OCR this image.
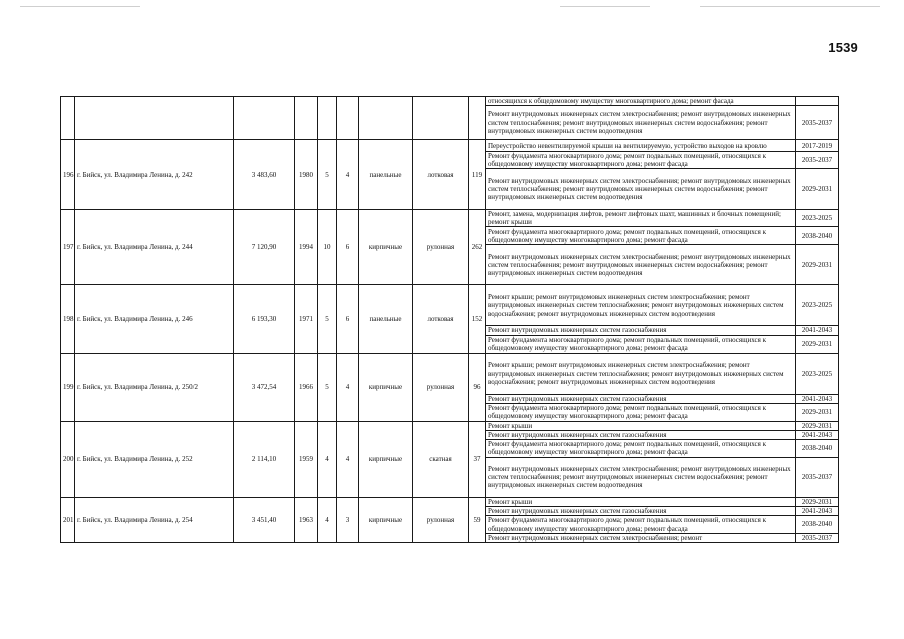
1539
									относящихся к общедомовому имуществу многоквартирного дома; ремонт фасада	
									Ремонт внутридомовых инженерных систем электроснабжения; ремонт внутридомовых инженерных систем теплоснабжения; ремонт внутридомовых инженерных систем водоснабжения; ремонт внутридомовых инженерных систем водоотведения	2035-2037
196	г. Бийск, ул. Владимира Ленина, д. 242	3 483,60	1980	5	4	панельные	лотковая	119	Переустройство невентилируемой крыши на вентилируемую, устройство выходов на кровлю	2017-2019
									Ремонт фундамента многоквартирного дома; ремонт подвальных помещений, относящихся к общедомовому имуществу многоквартирного дома; ремонт фасада	2035-2037
									Ремонт внутридомовых инженерных систем электроснабжения; ремонт внутридомовых инженерных систем теплоснабжения; ремонт внутридомовых инженерных систем водоснабжения; ремонт внутридомовых инженерных систем водоотведения	2029-2031
197	г. Бийск, ул. Владимира Ленина, д. 244	7 120,90	1994	10	6	кирпичные	рулонная	262	Ремонт, замена, модернизация лифтов, ремонт лифтовых шахт, машинных и блочных помещений; ремонт крыши	2023-2025
									Ремонт фундамента многоквартирного дома; ремонт подвальных помещений, относящихся к общедомовому имуществу многоквартирного дома; ремонт фасада	2038-2040
									Ремонт внутридомовых инженерных систем электроснабжения; ремонт внутридомовых инженерных систем теплоснабжения; ремонт внутридомовых инженерных систем водоснабжения; ремонт внутридомовых инженерных систем водоотведения	2029-2031
198	г. Бийск, ул. Владимира Ленина, д. 246	6 193,30	1971	5	6	панельные	лотковая	152	Ремонт крыши; ремонт внутридомовых инженерных систем электроснабжения; ремонт внутридомовых инженерных систем теплоснабжения; ремонт внутридомовых инженерных систем водоснабжения; ремонт внутридомовых инженерных систем водоотведения	2023-2025
									Ремонт внутридомовых инженерных систем газоснабжения	2041-2043
									Ремонт фундамента многоквартирного дома; ремонт подвальных помещений, относящихся к общедомовому имуществу многоквартирного дома; ремонт фасада	2029-2031
199	г. Бийск, ул. Владимира Ленина, д. 250/2	3 472,54	1966	5	4	кирпичные	рулонная	96	Ремонт крыши; ремонт внутридомовых инженерных систем электроснабжения; ремонт внутридомовых инженерных систем теплоснабжения; ремонт внутридомовых инженерных систем водоснабжения; ремонт внутридомовых инженерных систем водоотведения	2023-2025
									Ремонт внутридомовых инженерных систем газоснабжения	2041-2043
									Ремонт фундамента многоквартирного дома; ремонт подвальных помещений, относящихся к общедомовому имуществу многоквартирного дома; ремонт фасада	2029-2031
200	г. Бийск, ул. Владимира Ленина, д. 252	2 114,10	1959	4	4	кирпичные	скатная	37	Ремонт крыши	2029-2031
									Ремонт внутридомовых инженерных систем газоснабжения	2041-2043
									Ремонт фундамента многоквартирного дома; ремонт подвальных помещений, относящихся к общедомовому имуществу многоквартирного дома; ремонт фасада	2038-2040
									Ремонт внутридомовых инженерных систем электроснабжения; ремонт внутридомовых инженерных систем теплоснабжения; ремонт внутридомовых инженерных систем водоснабжения; ремонт внутридомовых инженерных систем водоотведения	2035-2037
201	г. Бийск, ул. Владимира Ленина, д. 254	3 451,40	1963	4	3	кирпичные	рулонная	59	Ремонт крыши	2029-2031
									Ремонт внутридомовых инженерных систем газоснабжения	2041-2043
									Ремонт фундамента многоквартирного дома; ремонт подвальных помещений, относящихся к общедомовому имуществу многоквартирного дома; ремонт фасада	2038-2040
									Ремонт внутридомовых инженерных систем электроснабжения; ремонт	2035-2037
